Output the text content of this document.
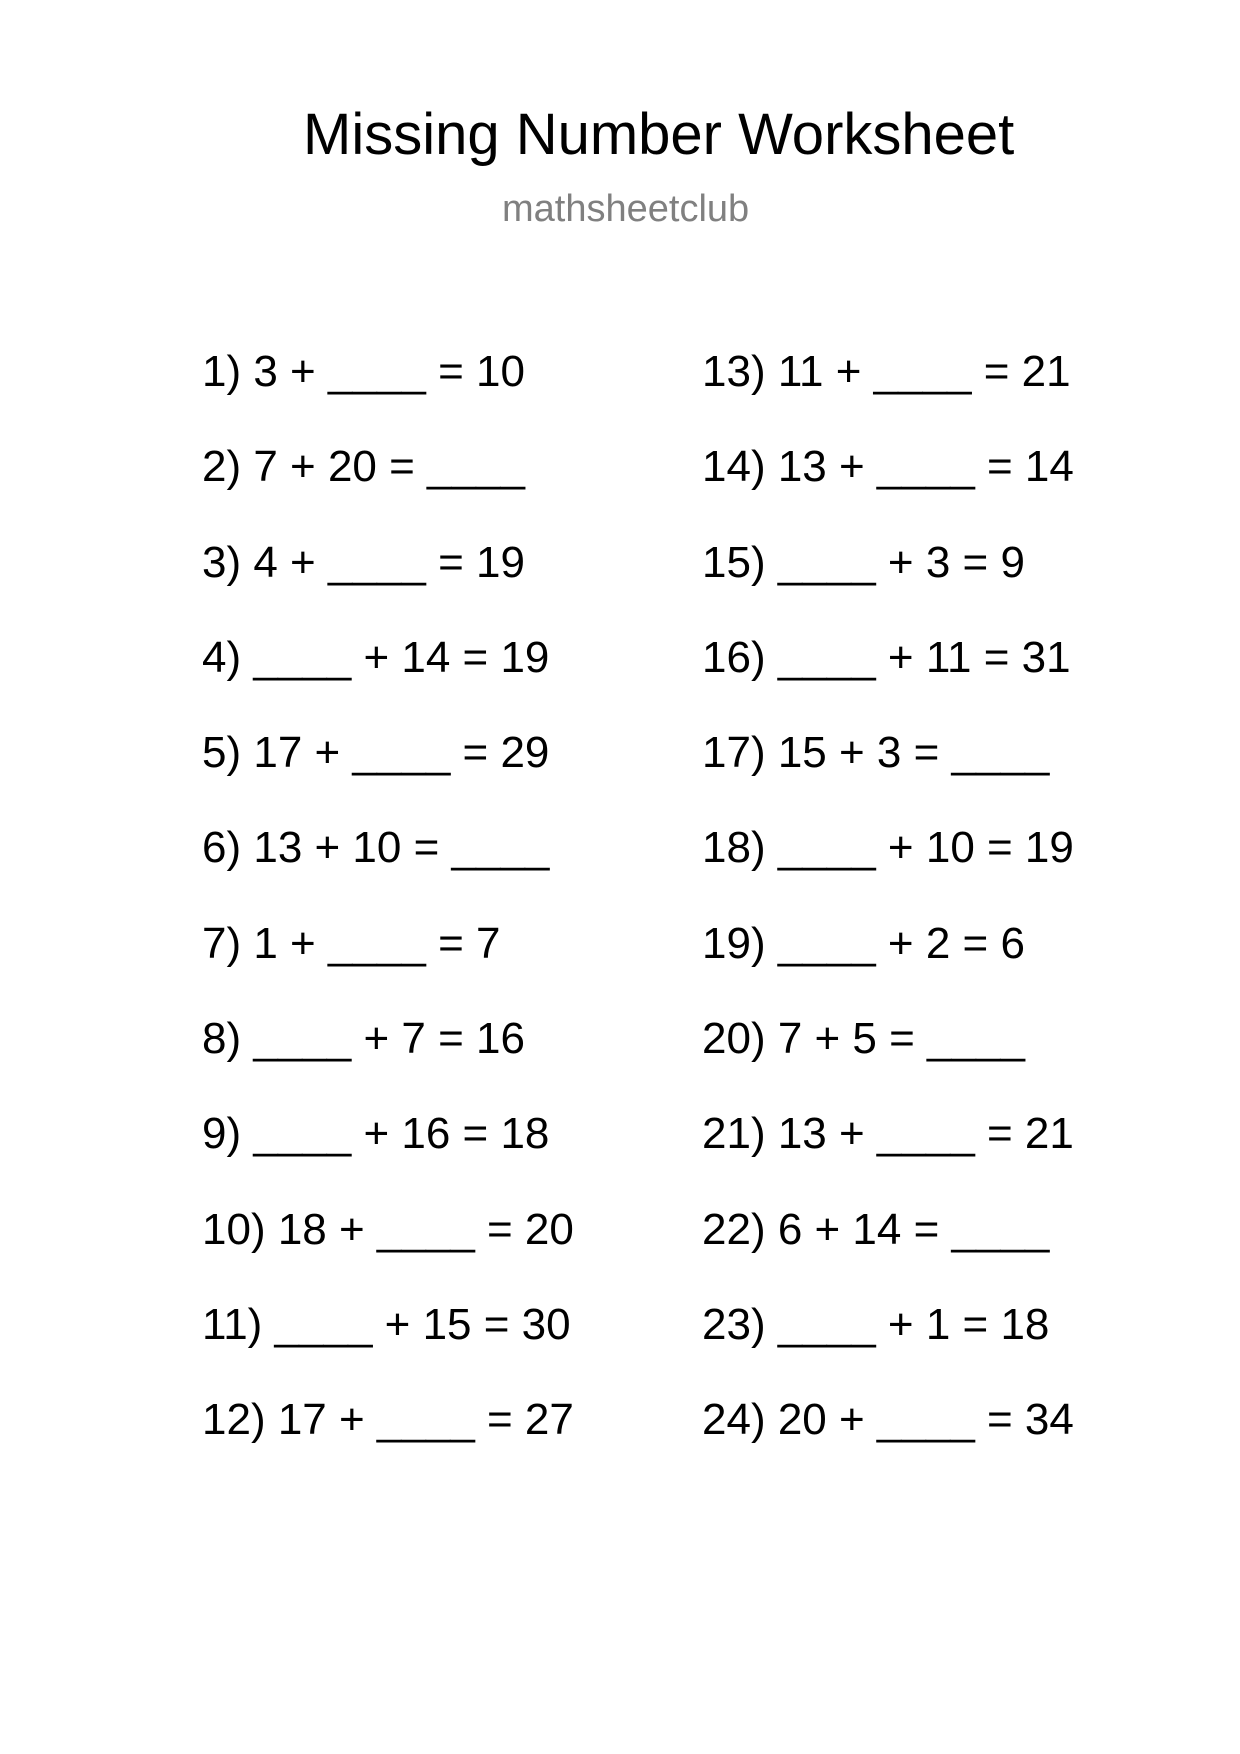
Missing Number Worksheet
mathsheetclub
1) 3 + ____ = 10
2) 7 + 20 = ____
3) 4 + ____ = 19
4) ____ + 14 = 19
5) 17 + ____ = 29
6) 13 + 10 = ____
7) 1 + ____ = 7
8) ____ + 7 = 16
9) ____ + 16 = 18
10) 18 + ____ = 20
11) ____ + 15 = 30
12) 17 + ____ = 27
13) 11 + ____ = 21
14) 13 + ____ = 14
15) ____ + 3 = 9
16) ____ + 11 = 31
17) 15 + 3 = ____
18) ____ + 10 = 19
19) ____ + 2 = 6
20) 7 + 5 = ____
21) 13 + ____ = 21
22) 6 + 14 = ____
23) ____ + 1 = 18
24) 20 + ____ = 34
